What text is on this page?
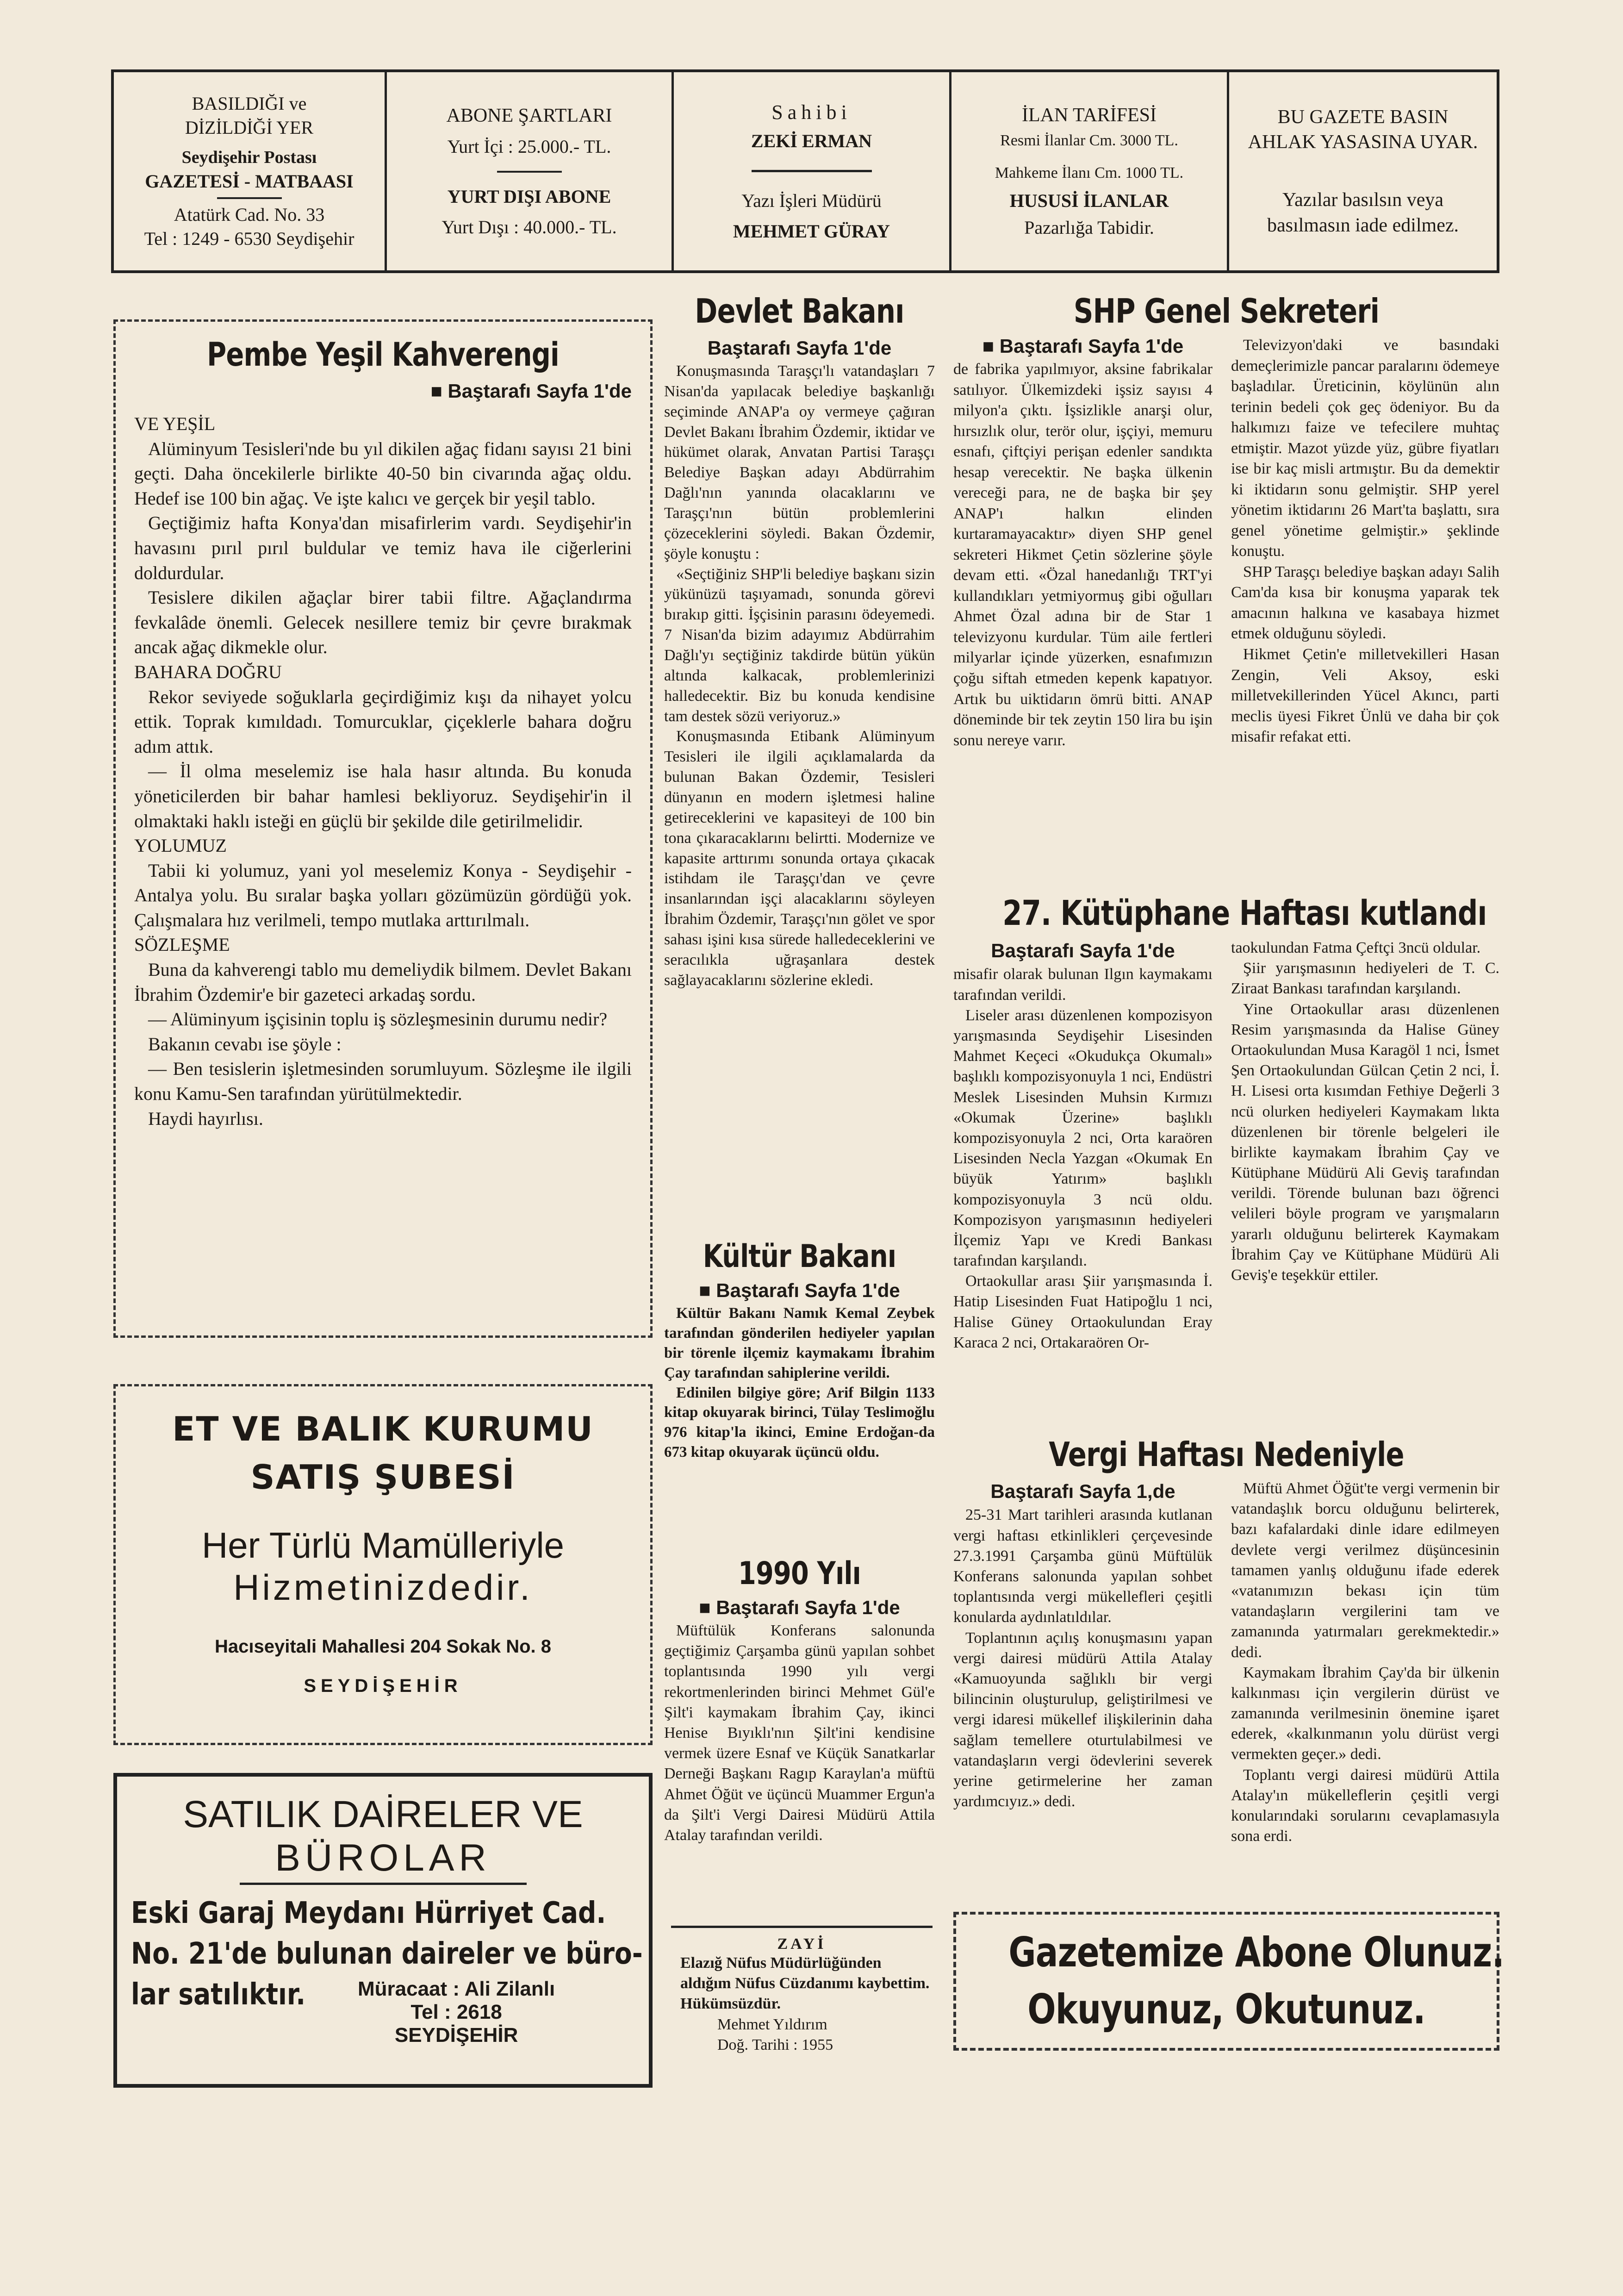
BASILDIĞI ve
DİZİLDİĞİ YER
Seydişehir Postası
GAZETESİ - MATBAASI
Atatürk Cad. No. 33
Tel : 1249 - 6530 Seydişehir
ABONE ŞARTLARI
Yurt İçi : 25.000.- TL.
YURT DIŞI ABONE
Yurt Dışı : 40.000.- TL.
Sahibi
ZEKİ ERMAN
Yazı İşleri Müdürü
MEHMET GÜRAY
İLAN TARİFESİ
Resmi İlanlar Cm. 3000 TL.
Mahkeme İlanı Cm. 1000 TL.
HUSUSİ İLANLAR
Pazarlığa Tabidir.
BU GAZETE BASIN
AHLAK YASASINA UYAR.
Yazılar basılsın veya
basılmasın iade edilmez.
Pembe Yeşil Kahverengi
■ Baştarafı Sayfa 1'de

VE YEŞİL

Alüminyum Tesisleri'nde bu yıl dikilen ağaç fidanı sayısı 21 bini geçti. Daha öncekilerle birlikte 40-50 bin civarında ağaç oldu. Hedef ise 100 bin ağaç. Ve işte kalıcı ve gerçek bir yeşil tablo.

Geçtiğimiz hafta Konya'dan misafirlerim vardı. Seydişehir'in havasını pırıl pırıl buldular ve temiz hava ile ciğerlerini doldurdular.

Tesislere dikilen ağaçlar birer tabii filtre. Ağaçlandırma fevkalâde önemli. Gelecek nesillere temiz bir çevre bırakmak ancak ağaç dikmekle olur.

BAHARA DOĞRU

Rekor seviyede soğuklarla geçirdiğimiz kışı da nihayet yolcu ettik. Toprak kımıldadı. Tomurcuklar, çiçeklerle bahara doğru adım attık.

— İl olma meselemiz ise hala hasır altında. Bu konuda yöneticilerden bir bahar hamlesi bekliyoruz. Seydişehir'in il olmaktaki haklı isteği en güçlü bir şekilde dile getirilmelidir.

YOLUMUZ

Tabii ki yolumuz, yani yol meselemiz Konya - Seydişehir - Antalya yolu. Bu sıralar başka yolları gözümüzün gördüğü yok. Çalışmalara hız verilmeli, tempo mutlaka arttırılmalı.

SÖZLEŞME

Buna da kahverengi tablo mu demeliydik bilmem. Devlet Bakanı İbrahim Özdemir'e bir gazeteci arkadaş sordu.

— Alüminyum işçisinin toplu iş sözleşmesinin durumu nedir?

Bakanın cevabı ise şöyle :

— Ben tesislerin işletmesinden sorumluyum. Sözleşme ile ilgili konu Kamu-Sen tarafından yürütülmektedir.

Haydi hayırlısı.

ET VE BALIK KURUMU
SATIŞ ŞUBESİ
Her Türlü Mamülleriyle
Hizmetinizdedir.
Hacıseyitali Mahallesi 204 Sokak No. 8
SEYDİŞEHİR
SATILIK DAİRELER VE
BÜROLAR
Eski Garaj Meydanı Hürriyet Cad.
No. 21'de bulunan daireler ve büro-
lar satılıktır.	Müracaat : Ali Zilanlı
Tel : 2618
SEYDİŞEHİR
Devlet Bakanı
Baştarafı Sayfa 1'de

Konuşmasında Taraşçı'lı vatandaşları 7 Nisan'da yapılacak belediye başkanlığı seçiminde ANAP'a oy vermeye çağıran Devlet Bakanı İbrahim Özdemir, iktidar ve hükümet olarak, Anvatan Partisi Taraşçı Belediye Başkan adayı Abdürrahim Dağlı'nın yanında olacaklarını ve Taraşçı'nın bütün problemlerini çözeceklerini söyledi. Bakan Özdemir, şöyle konuştu :

«Seçtiğiniz SHP'li belediye başkanı sizin yükünüzü taşıyamadı, sonunda görevi bırakıp gitti. İşçisinin parasını ödeyemedi. 7 Nisan'da bizim adayımız Abdürrahim Dağlı'yı seçtiğiniz takdirde bütün yükün altında kalkacak, problemlerinizi halledecektir. Biz bu konuda kendisine tam destek sözü veriyoruz.»

Konuşmasında Etibank Alüminyum Tesisleri ile ilgili açıklamalarda da bulunan Bakan Özdemir, Tesisleri dünyanın en modern işletmesi haline getireceklerini ve kapasiteyi de 100 bin tona çıkaracaklarını belirtti. Modernize ve kapasite arttırımı sonunda ortaya çıkacak istihdam ile Taraşçı'dan ve çevre insanlarından işçi alacaklarını söyleyen İbrahim Özdemir, Taraşçı'nın gölet ve spor sahası işini kısa sürede halledeceklerini ve seracılıkla uğraşanlara destek sağlayacaklarını sözlerine ekledi.

Kültür Bakanı
■ Baştarafı Sayfa 1'de

Kültür Bakanı Namık Kemal Zeybek tarafından gönderilen hediyeler yapılan bir törenle ilçemiz kaymakamı İbrahim Çay tarafından sahiplerine verildi.

Edinilen bilgiye göre; Arif Bilgin 1133 kitap okuyarak birinci, Tülay Teslimoğlu 976 kitap'la ikinci, Emine Erdoğan-da 673 kitap okuyarak üçüncü oldu.

1990 Yılı
■ Baştarafı Sayfa 1'de

Müftülük Konferans salonunda geçtiğimiz Çarşamba günü yapılan sohbet toplantısında 1990 yılı vergi rekortmenlerinden birinci Mehmet Gül'e Şilt'i kaymakam İbrahim Çay, ikinci Henise Bıyıklı'nın Şilt'ini kendisine vermek üzere Esnaf ve Küçük Sanatkarlar Derneği Başkanı Ragıp Karaylan'a müftü Ahmet Öğüt ve üçüncü Muammer Ergun'a da Şilt'i Vergi Dairesi Müdürü Attila Atalay tarafından verildi.

ZAYİ
Elazığ Nüfus Müdürlüğünden aldığım Nüfus Cüzdanımı kaybettim.
Hükümsüzdür.
Mehmet Yıldırım
Doğ. Tarihi : 1955
SHP Genel Sekreteri
■ Baştarafı Sayfa 1'de
de fabrika yapılmıyor, aksine fabrikalar satılıyor. Ülkemizdeki işsiz sayısı 4 milyon'a çıktı. İşsizlikle anarşi olur, hırsızlık olur, terör olur, işçiyi, memuru esnafı, çiftçiyi perişan edenler sandıkta hesap verecektir. Ne başka ülkenin vereceği para, ne de başka bir şey ANAP'ı halkın elinden kurtaramayacaktır» diyen SHP genel sekreteri Hikmet Çetin sözlerine şöyle devam etti. «Özal hanedanlığı TRT'yi kullandıkları yetmiyormuş gibi oğulları Ahmet Özal adına bir de Star 1 televizyonu kurdular. Tüm aile fertleri milyarlar içinde yüzerken, esnafımızın çoğu siftah etmeden kepenk kapatıyor. Artık bu uiktidarın ömrü bitti. ANAP döneminde bir tek zeytin 150 lira bu işin sonu nereye varır.

Televizyon'daki ve basındaki demeçlerimizle pancar paralarını ödemeye başladılar. Üreticinin, köylünün alın terinin bedeli çok geç ödeniyor. Bu da halkımızı faize ve tefecilere muhtaç etmiştir. Mazot yüzde yüz, gübre fiyatları ise bir kaç misli artmıştır. Bu da demektir ki iktidarın sonu gelmiştir. SHP yerel yönetim iktidarını 26 Mart'ta başlattı, sıra genel yönetime gelmiştir.» şeklinde konuştu.

SHP Taraşçı belediye başkan adayı Salih Cam'da kısa bir konuşma yaparak tek amacının halkına ve kasabaya hizmet etmek olduğunu söyledi.

Hikmet Çetin'e milletvekilleri Hasan Zengin, Veli Aksoy, eski milletvekillerinden Yücel Akıncı, parti meclis üyesi Fikret Ünlü ve daha bir çok misafir refakat etti.

27. Kütüphane Haftası kutlandı
Baştarafı Sayfa 1'de

misafir olarak bulunan Ilgın kaymakamı tarafından verildi.

Liseler arası düzenlenen kompozisyon yarışmasında Seydişehir Lisesinden Mahmet Keçeci «Okudukça Okumalı» başlıklı kompozisyonuyla 1 nci, Endüstri Meslek Lisesinden Muhsin Kırmızı «Okumak Üzerine» başlıklı kompozisyonuyla 2 nci, Orta karaören Lisesinden Necla Yazgan «Okumak En büyük Yatırım» başlıklı kompozisyonuyla 3 ncü oldu. Kompozisyon yarışmasının hediyeleri İlçemiz Yapı ve Kredi Bankası tarafından karşılandı.

Ortaokullar arası Şiir yarışmasında İ. Hatip Lisesinden Fuat Hatipoğlu 1 nci, Halise Güney Ortaokulundan Eray Karaca 2 nci, Ortakaraören Or-

taokulundan Fatma Çeftçi 3ncü oldular.

Şiir yarışmasının hediyeleri de T. C. Ziraat Bankası tarafından karşılandı.

Yine Ortaokullar arası düzenlenen Resim yarışmasında da Halise Güney Ortaokulundan Musa Karagöl 1 nci, İsmet Şen Ortaokulundan Gülcan Çetin 2 nci, İ. H. Lisesi orta kısımdan Fethiye Değerli 3 ncü olurken hediyeleri Kaymakam lıkta düzenlenen bir törenle belgeleri ile birlikte kaymakam İbrahim Çay ve Kütüphane Müdürü Ali Geviş tarafından verildi. Törende bulunan bazı öğrenci velileri böyle program ve yarışmaların yararlı olduğunu belirterek Kaymakam İbrahim Çay ve Kütüphane Müdürü Ali Geviş'e teşekkür ettiler.

Vergi Haftası Nedeniyle
Baştarafı Sayfa 1,de

25-31 Mart tarihleri arasında kutlanan vergi haftası etkinlikleri çerçevesinde 27.3.1991 Çarşamba günü Müftülük Konferans salonunda yapılan sohbet toplantısında vergi mükellefleri çeşitli konularda aydınlatıldılar.

Toplantının açılış konuşmasını yapan vergi dairesi müdürü Attila Atalay «Kamuoyunda sağlıklı bir vergi bilincinin oluşturulup, geliştirilmesi ve vergi idaresi mükellef ilişkilerinin daha sağlam temellere oturtulabilmesi ve vatandaşların vergi ödevlerini severek yerine getirmelerine her zaman yardımcıyız.» dedi.

Müftü Ahmet Öğüt'te vergi vermenin bir vatandaşlık borcu olduğunu belirterek, bazı kafalardaki dinle idare edilmeyen devlete vergi verilmez düşüncesinin tamamen yanlış olduğunu ifade ederek «vatanımızın bekası için tüm vatandaşların vergilerini tam ve zamanında yatırmaları gerekmektedir.» dedi.

Kaymakam İbrahim Çay'da bir ülkenin kalkınması için vergilerin dürüst ve zamanında verilmesinin önemine işaret ederek, «kalkınmanın yolu dürüst vergi vermekten geçer.» dedi.

Toplantı vergi dairesi müdürü Attila Atalay'ın mükelleflerin çeşitli vergi konularındaki sorularını cevaplamasıyla sona erdi.

Gazetemize Abone Olunuz.
Okuyunuz, Okutunuz.
